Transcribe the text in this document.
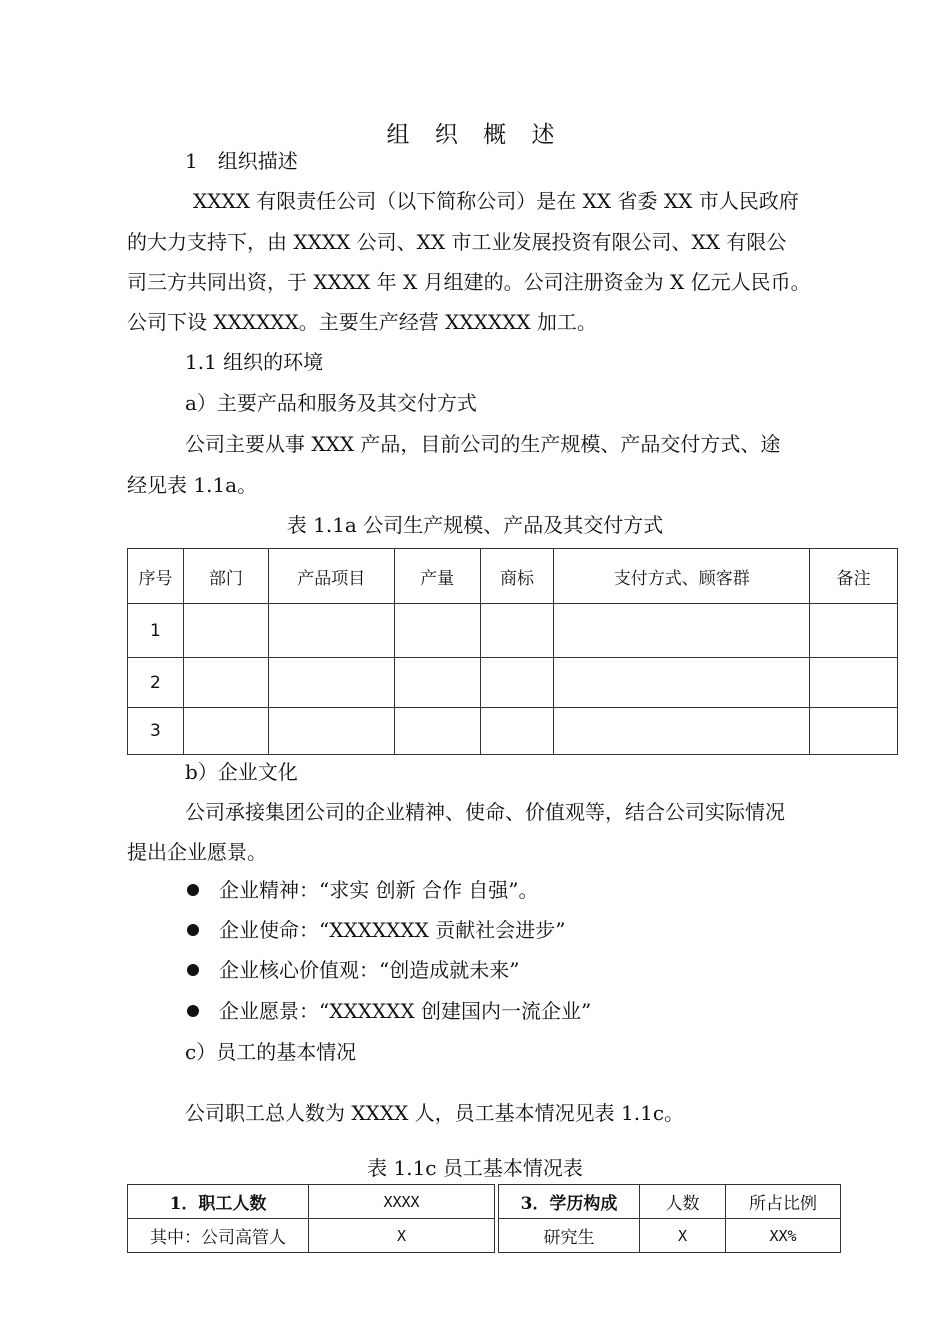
组 织 概 述
1　组织描述
XXXX 有限责任公司（以下简称公司）是在 XX 省委 XX 市人民政府
的大力支持下，由 XXXX 公司、XX 市工业发展投资有限公司、XX 有限公
司三方共同出资，于 XXXX 年 X 月组建的。公司注册资金为 X 亿元人民币。
公司下设 XXXXXX。主要生产经营 XXXXXX 加工。
1.1 组织的环境
a）主要产品和服务及其交付方式
公司主要从事 XXX 产品，目前公司的生产规模、产品交付方式、途
经见表 1.1a。
表 1.1a 公司生产规模、产品及其交付方式
序号	部门	产品项目	产量	商标	支付方式、顾客群	备注
1						
2						
3						
b）企业文化
公司承接集团公司的企业精神、使命、价值观等，结合公司实际情况
提出企业愿景。
企业精神：“求实 创新 合作 自强”。
企业使命：“XXXXXXX 贡献社会进步”
企业核心价值观：“创造成就未来”
企业愿景：“XXXXXX 创建国内一流企业”
c）员工的基本情况
公司职工总人数为 XXXX 人，员工基本情况见表 1.1c。
表 1.1c 员工基本情况表
1．职工人数	XXXX		3．学历构成	人数	所占比例
其中：公司高管人	X		研究生	X	XX%
